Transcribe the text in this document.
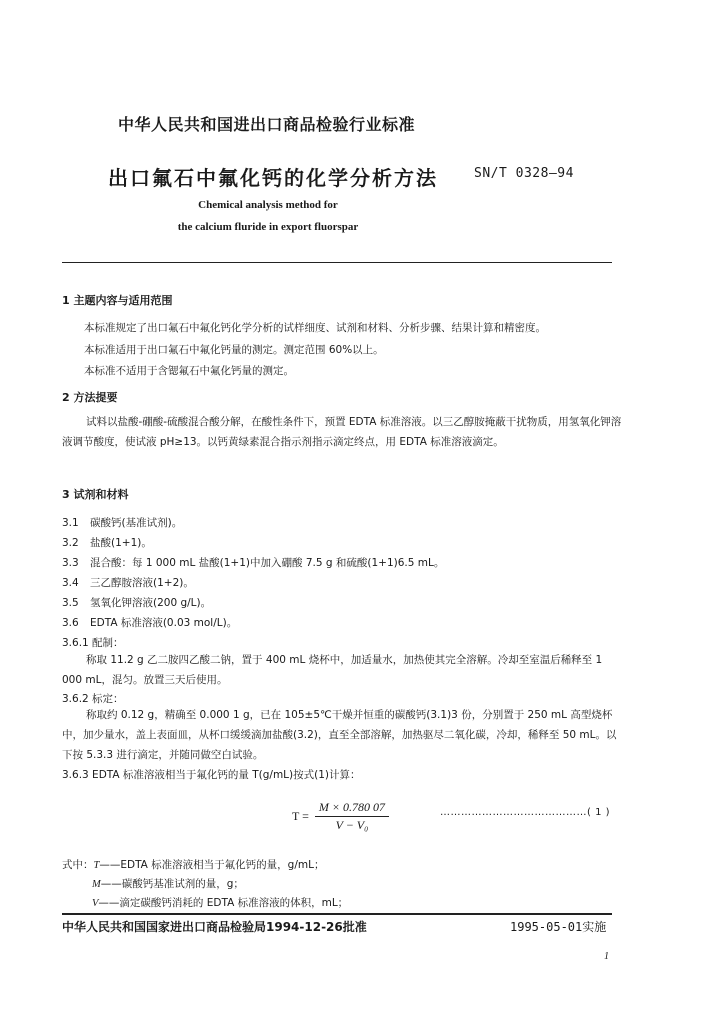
中华人民共和国进出口商品检验行业标准
出口氟石中氟化钙的化学分析方法	SN/T 0328—94
Chemical analysis method for
the calcium fluride in export fluorspar
1 主题内容与适用范围
本标准规定了出口氟石中氟化钙化学分析的试样细度、试剂和材料、分析步骤、结果计算和精密度。
本标准适用于出口氟石中氟化钙量的测定。测定范围 60%以上。
本标准不适用于含锶氟石中氟化钙量的测定。
2 方法提要
试料以盐酸-硼酸-硫酸混合酸分解，在酸性条件下，预置 EDTA 标准溶液。以三乙醇胺掩蔽干扰物质，用氢氧化钾溶液调节酸度，使试液 pH≥13。以钙黄绿素混合指示剂指示滴定终点，用 EDTA 标准溶液滴定。
3 试剂和材料
3.1 碳酸钙(基准试剂)。
3.2 盐酸(1+1)。
3.3 混合酸：每 1 000 mL 盐酸(1+1)中加入硼酸 7.5 g 和硫酸(1+1)6.5 mL。
3.4 三乙醇胺溶液(1+2)。
3.5 氢氧化钾溶液(200 g/L)。
3.6 EDTA 标准溶液(0.03 mol/L)。
3.6.1 配制：
称取 11.2 g 乙二胺四乙酸二钠，置于 400 mL 烧杯中，加适量水，加热使其完全溶解。冷却至室温后稀释至 1 000 mL，混匀。放置三天后使用。
3.6.2 标定：
称取约 0.12 g，精确至 0.000 1 g，已在 105±5℃干燥并恒重的碳酸钙(3.1)3 份，分别置于 250 mL 高型烧杯中，加少量水，盖上表面皿，从杯口缓缓滴加盐酸(3.2)，直至全部溶解，加热驱尽二氧化碳，冷却，稀释至 50 mL。以下按 5.3.3 进行滴定，并随同做空白试验。
3.6.3 EDTA 标准溶液相当于氟化钙的量 T(g/mL)按式(1)计算：
$T = \frac{M \times 0.780 07}{\text{V − V₀}}$	……………………………………( 1 )
式中：T——EDTA 标准溶液相当于氟化钙的量，g/mL；
M——碳酸钙基准试剂的量，g；
V——滴定碳酸钙消耗的 EDTA 标准溶液的体积，mL；
中华人民共和国国家进出口商品检验局1994-12-26批准	1995-05-01实施
1
